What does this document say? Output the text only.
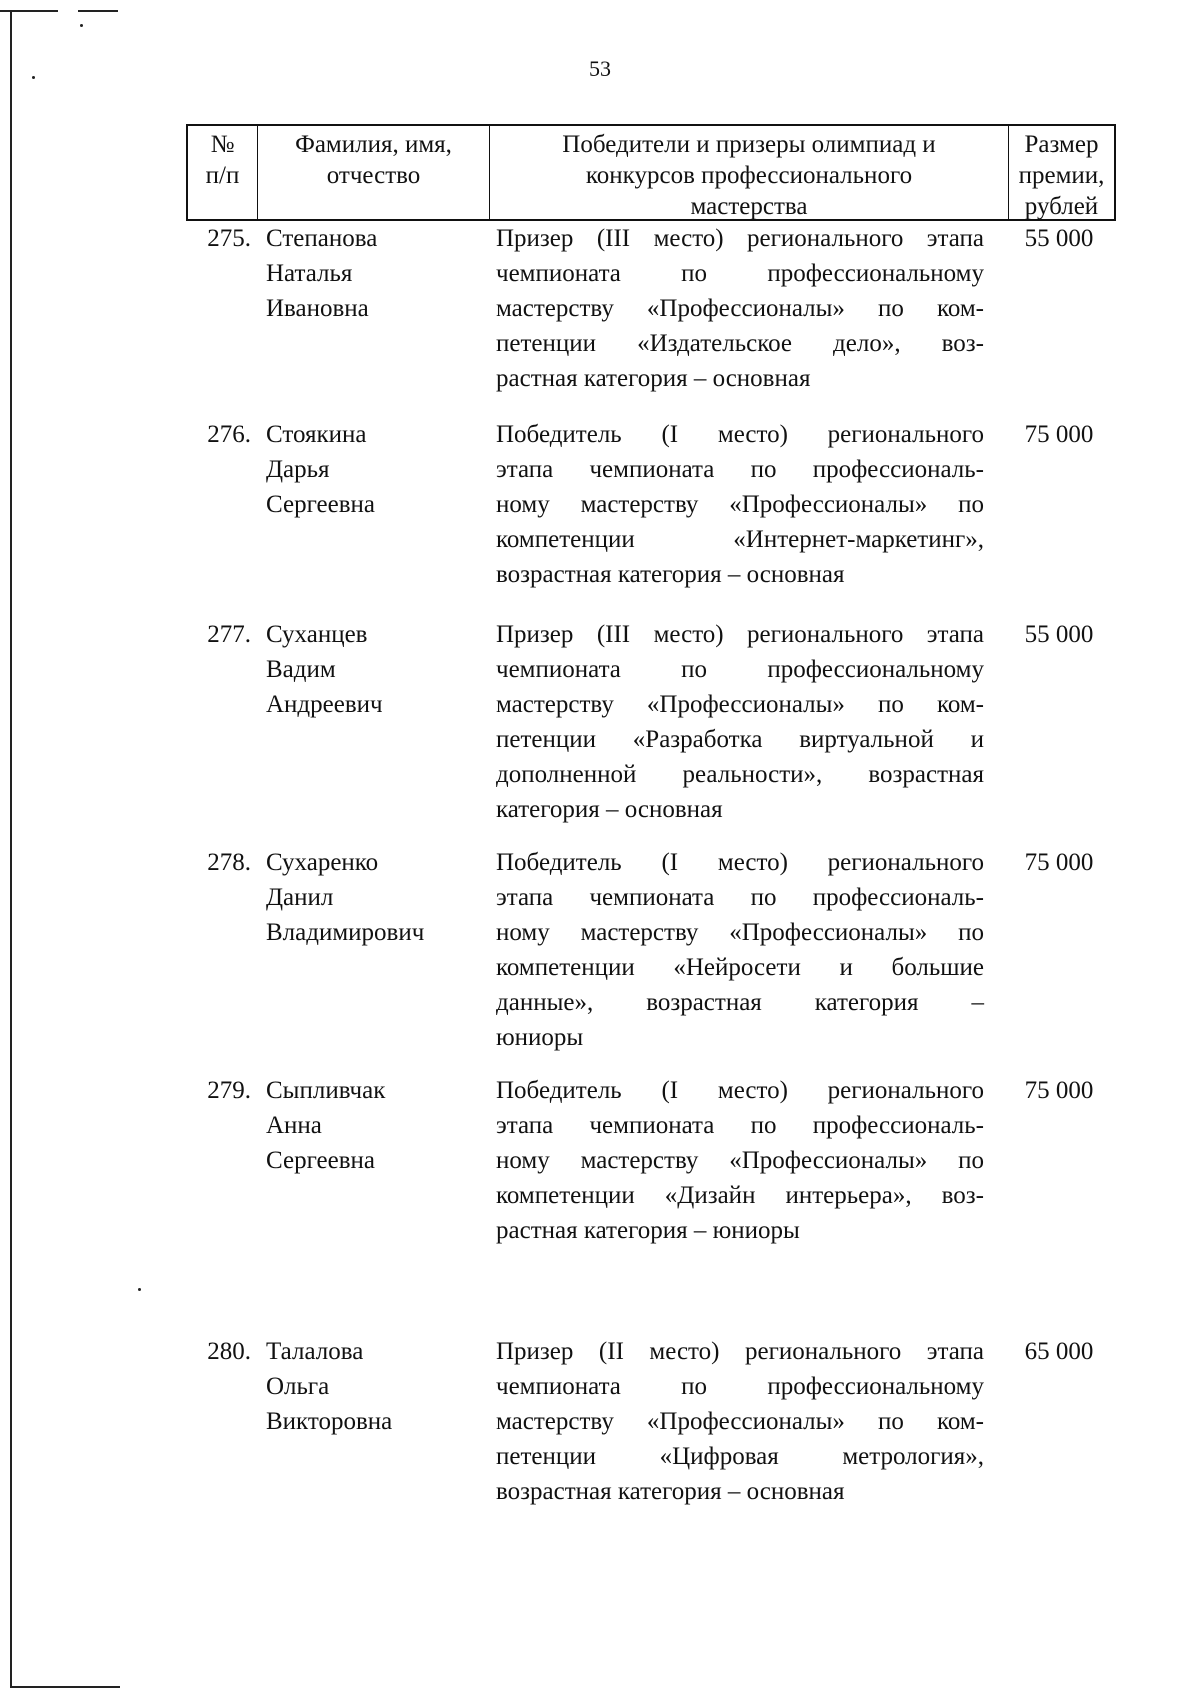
53
№
п/п
Фамилия, имя,
отчество
Победители и призеры олимпиад и
конкурсов профессионального
мастерства
Размер
премии,
рублей
275. Степанова
Наталья
Ивановна
Призер (III место) регионального этапа
чемпионата по профессиональному
мастерству «Профессионалы» по ком-
петенции «Издательское дело», воз-
растная категория – основная
55 000
276. Стоякина
Дарья
Сергеевна
Победитель (I место) регионального
этапа чемпионата по профессиональ-
ному мастерству «Профессионалы» по
компетенции «Интернет-маркетинг»,
возрастная категория – основная
75 000
277. Суханцев
Вадим
Андреевич
Призер (III место) регионального этапа
чемпионата по профессиональному
мастерству «Профессионалы» по ком-
петенции «Разработка виртуальной и
дополненной реальности», возрастная
категория – основная
55 000
278. Сухаренко
Данил
Владимирович
Победитель (I место) регионального
этапа чемпионата по профессиональ-
ному мастерству «Профессионалы» по
компетенции «Нейросети и большие
данные», возрастная категория –
юниоры
75 000
279. Сыпливчак
Анна
Сергеевна
Победитель (I место) регионального
этапа чемпионата по профессиональ-
ному мастерству «Профессионалы» по
компетенции «Дизайн интерьера», воз-
растная категория – юниоры
75 000
280. Талалова
Ольга
Викторовна
Призер (II место) регионального этапа
чемпионата по профессиональному
мастерству «Профессионалы» по ком-
петенции «Цифровая метрология»,
возрастная категория – основная
65 000
